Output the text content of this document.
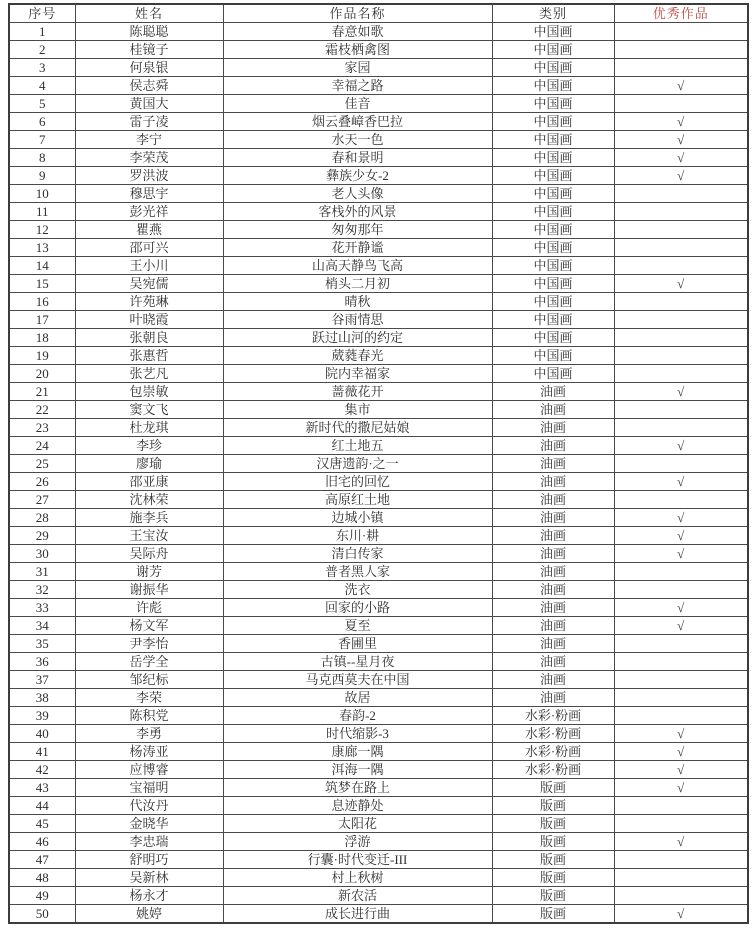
序号	姓名	作品名称	类别	优秀作品
1	陈聪聪	春意如歌	中国画	
2	桂镜子	霜枝栖禽图	中国画	
3	何泉银	家园	中国画	
4	侯志舜	幸福之路	中国画	√
5	黄国大	佳音	中国画	
6	雷子凌	烟云叠嶂香巴拉	中国画	√
7	李宁	水天一色	中国画	√
8	李荣茂	春和景明	中国画	√
9	罗洪波	彝族少女-2	中国画	√
10	穆思宇	老人头像	中国画	
11	彭光祥	客栈外的风景	中国画	
12	瞿燕	匆匆那年	中国画	
13	邵可兴	花开静谧	中国画	
14	王小川	山高天静鸟飞高	中国画	
15	吴宛儒	梢头二月初	中国画	√
16	许苑琳	晴秋	中国画	
17	叶晓霞	谷雨情思	中国画	
18	张朝良	跃过山河的约定	中国画	
19	张惠哲	葳蕤春光	中国画	
20	张艺凡	院内幸福家	中国画	
21	包崇敏	蔷薇花开	油画	√
22	窦文飞	集市	油画	
23	杜龙琪	新时代的撒尼姑娘	油画	
24	李珍	红土地五	油画	√
25	廖瑜	汉唐遗韵·之一	油画	
26	邵亚康	旧宅的回忆	油画	√
27	沈林荣	高原红土地	油画	
28	施李兵	边城小镇	油画	√
29	王宝汝	东川·耕	油画	√
30	吴际舟	清白传家	油画	√
31	谢芳	普者黑人家	油画	
32	谢振华	洗衣	油画	
33	许彪	回家的小路	油画	√
34	杨文军	夏至	油画	√
35	尹李怡	香圃里	油画	
36	岳学全	古镇--星月夜	油画	
37	邹纪标	马克西莫夫在中国	油画	
38	李荣	故居	油画	
39	陈积党	春韵-2	水彩·粉画	
40	李勇	时代缩影-3	水彩·粉画	√
41	杨涛亚	康廊一隅	水彩·粉画	√
42	应博睿	洱海一隅	水彩·粉画	√
43	宝福明	筑梦在路上	版画	√
44	代汝丹	息迹静处	版画	
45	金晓华	太阳花	版画	
46	李忠瑞	浮游	版画	√
47	舒明巧	行囊·时代变迁-III	版画	
48	吴新林	村上秋树	版画	
49	杨永才	新农活	版画	
50	姚婷	成长进行曲	版画	√
